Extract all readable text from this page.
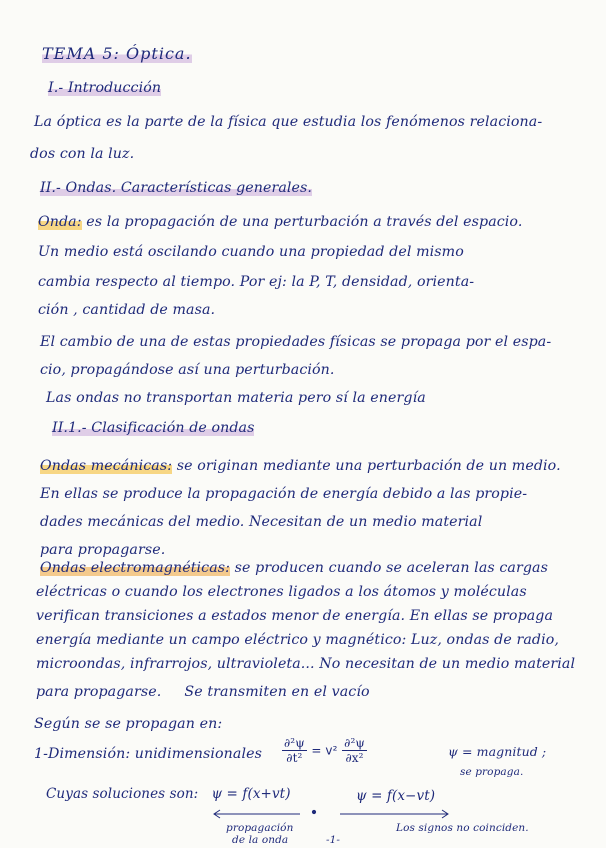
TEMA 5: Óptica.
I.- Introducción
La óptica es la parte de la física que estudia los fenómenos relaciona-
dos con la luz.
II.- Ondas. Características generales.
Onda: es la propagación de una perturbación a través del espacio.
Un medio está oscilando cuando una propiedad del mismo
cambia respecto al tiempo. Por ej: la P, T, densidad, orienta-
ción , cantidad de masa.
El cambio de una de estas propiedades físicas se propaga por el espa-
cio, propagándose así una perturbación.
Las ondas no transportan materia pero sí la energía
II.1.- Clasificación de ondas
Ondas mecánicas: se originan mediante una perturbación de un medio.
En ellas se produce la propagación de energía debido a las propie-
dades mecánicas del medio. Necesitan de un medio material
para propagarse.
Ondas electromagnéticas: se producen cuando se aceleran las cargas
eléctricas o cuando los electrones ligados a los átomos y moléculas
verifican transiciones a estados menor de energía. En ellas se propaga
energía mediante un campo eléctrico y magnético: Luz, ondas de radio,
microondas, infrarrojos, ultravioleta... No necesitan de un medio material
para propagarse. Se transmiten en el vacío
Según se se propagan en:
1-Dimensión: unidimensionales $\frac{\text{∂²ψ}}{\text{∂t²}} = v^2 \frac{\text{∂²ψ}}{\text{∂x²}}$	ψ = magnitud ;
se propaga.
Cuyas soluciones son: ψ = f(x+vt)	ψ = f(x−vt)
propagación
de la onda
Los signos no coinciden.
-1-
